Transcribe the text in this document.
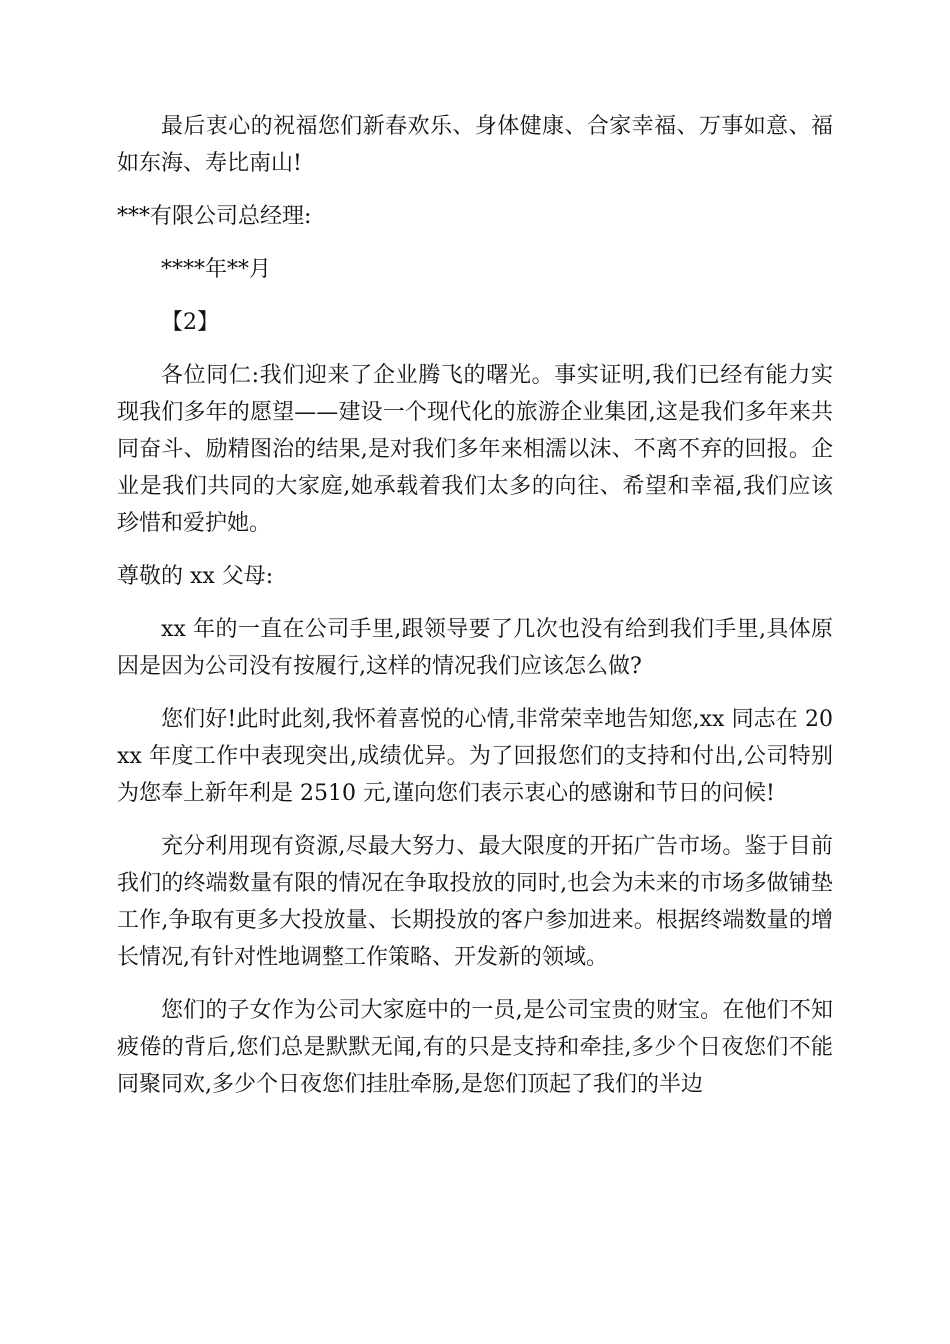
最后衷心的祝福您们新春欢乐、身体健康、合家幸福、万事如意、福如东海、寿比南山!

***有限公司总经理:

****年**月

【2】

各位同仁:我们迎来了企业腾飞的曙光。事实证明,我们已经有能力实现我们多年的愿望——建设一个现代化的旅游企业集团,这是我们多年来共同奋斗、励精图治的结果,是对我们多年来相濡以沫、不离不弃的回报。企业是我们共同的大家庭,她承载着我们太多的向往、希望和幸福,我们应该珍惜和爱护她。

尊敬的 xx 父母:

xx 年的一直在公司手里,跟领导要了几次也没有给到我们手里,具体原因是因为公司没有按履行,这样的情况我们应该怎么做?

您们好!此时此刻,我怀着喜悦的心情,非常荣幸地告知您,xx 同志在 20xx 年度工作中表现突出,成绩优异。为了回报您们的支持和付出,公司特别为您奉上新年利是 2510 元,谨向您们表示衷心的感谢和节日的问候!

充分利用现有资源,尽最大努力、最大限度的开拓广告市场。鉴于目前我们的终端数量有限的情况在争取投放的同时,也会为未来的市场多做铺垫工作,争取有更多大投放量、长期投放的客户参加进来。根据终端数量的增长情况,有针对性地调整工作策略、开发新的领域。

您们的子女作为公司大家庭中的一员,是公司宝贵的财宝。在他们不知疲倦的背后,您们总是默默无闻,有的只是支持和牵挂,多少个日夜您们不能同聚同欢,多少个日夜您们挂肚牵肠,是您们顶起了我们的半边
